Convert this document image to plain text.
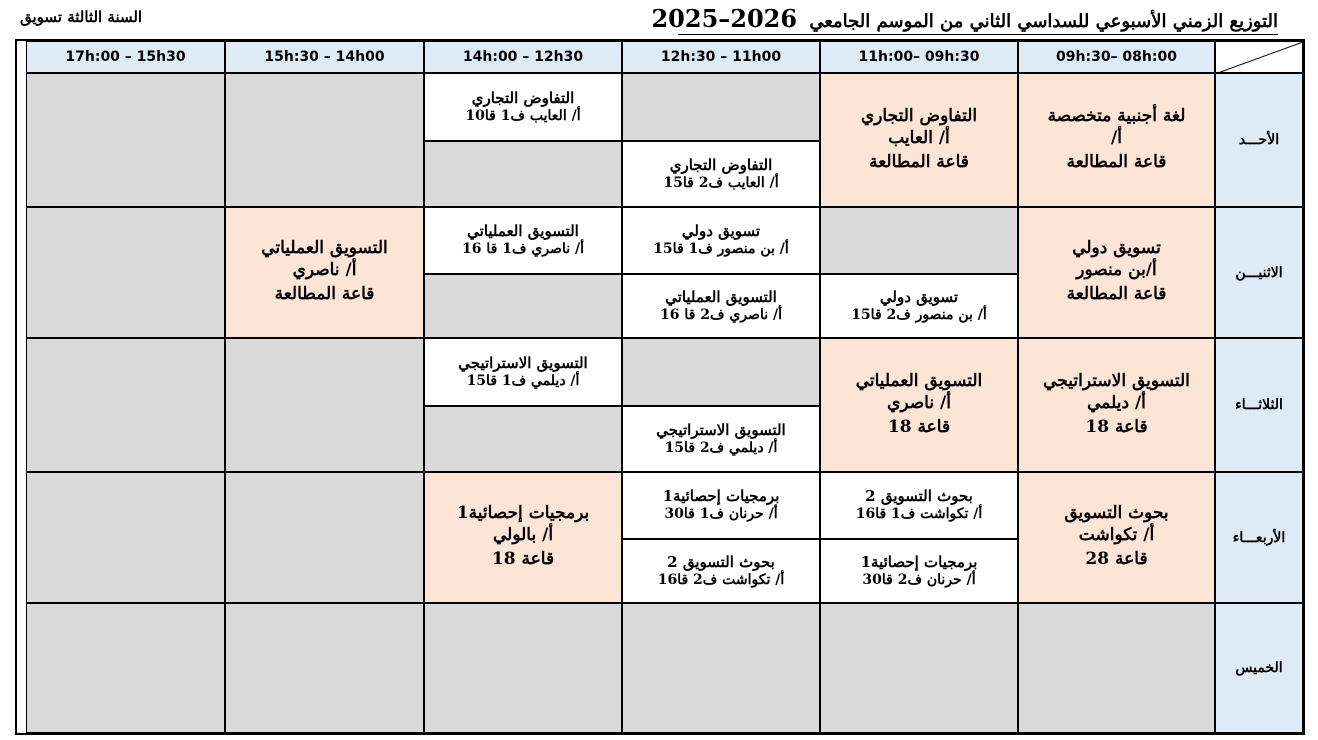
التوزيع الزمني الأسبوعي للسداسي الثاني من الموسم الجامعي 2026–2025
السنة الثالثة تسويق
09h:30– 08h:00
11h:00– 09h:30
12h:30 – 11h00
14h:00 – 12h30
15h:30 – 14h00
17h:00 – 15h30
الأحـــد
لغة أجنبية متخصصة
أ/
قاعة المطالعة
التفاوض التجاري
أ/ العايب
قاعة المطالعة
التفاوض التجاري
أ/ العايب ف2 قا15
التفاوض التجاري
أ/ العايب ف1 قا10
الاثنيـــن
تسويق دولي
أ/بن منصور
قاعة المطالعة
تسويق دولي
أ/ بن منصور ف2 قا15
تسويق دولي
أ/ بن منصور ف1 قا15
التسويق العملياتي
أ/ ناصري ف2 قا 16
التسويق العملياتي
أ/ ناصري ف1 قا 16
التسويق العملياتي
أ/ ناصري
قاعة المطالعة
الثلاثـــاء
التسويق الاستراتيجي
أ/ ديلمي
قاعة 18
التسويق العملياتي
أ/ ناصري
قاعة 18
التسويق الاستراتيجي
أ/ ديلمي ف2 قا15
التسويق الاستراتيجي
أ/ ديلمي ف1 قا15
الأربعـــاء
بحوث التسويق
أ/ تكواشت
قاعة 28
بحوث التسويق 2
أ/ تكواشت ف1 قا16
برمجيات إحصائية1
أ/ حرنان ف2 قا30
برمجيات إحصائية1
أ/ حرنان ف1 قا30
بحوث التسويق 2
أ/ تكواشت ف2 قا16
برمجيات إحصائية1
أ/ بالولي
قاعة 18
الخميس
